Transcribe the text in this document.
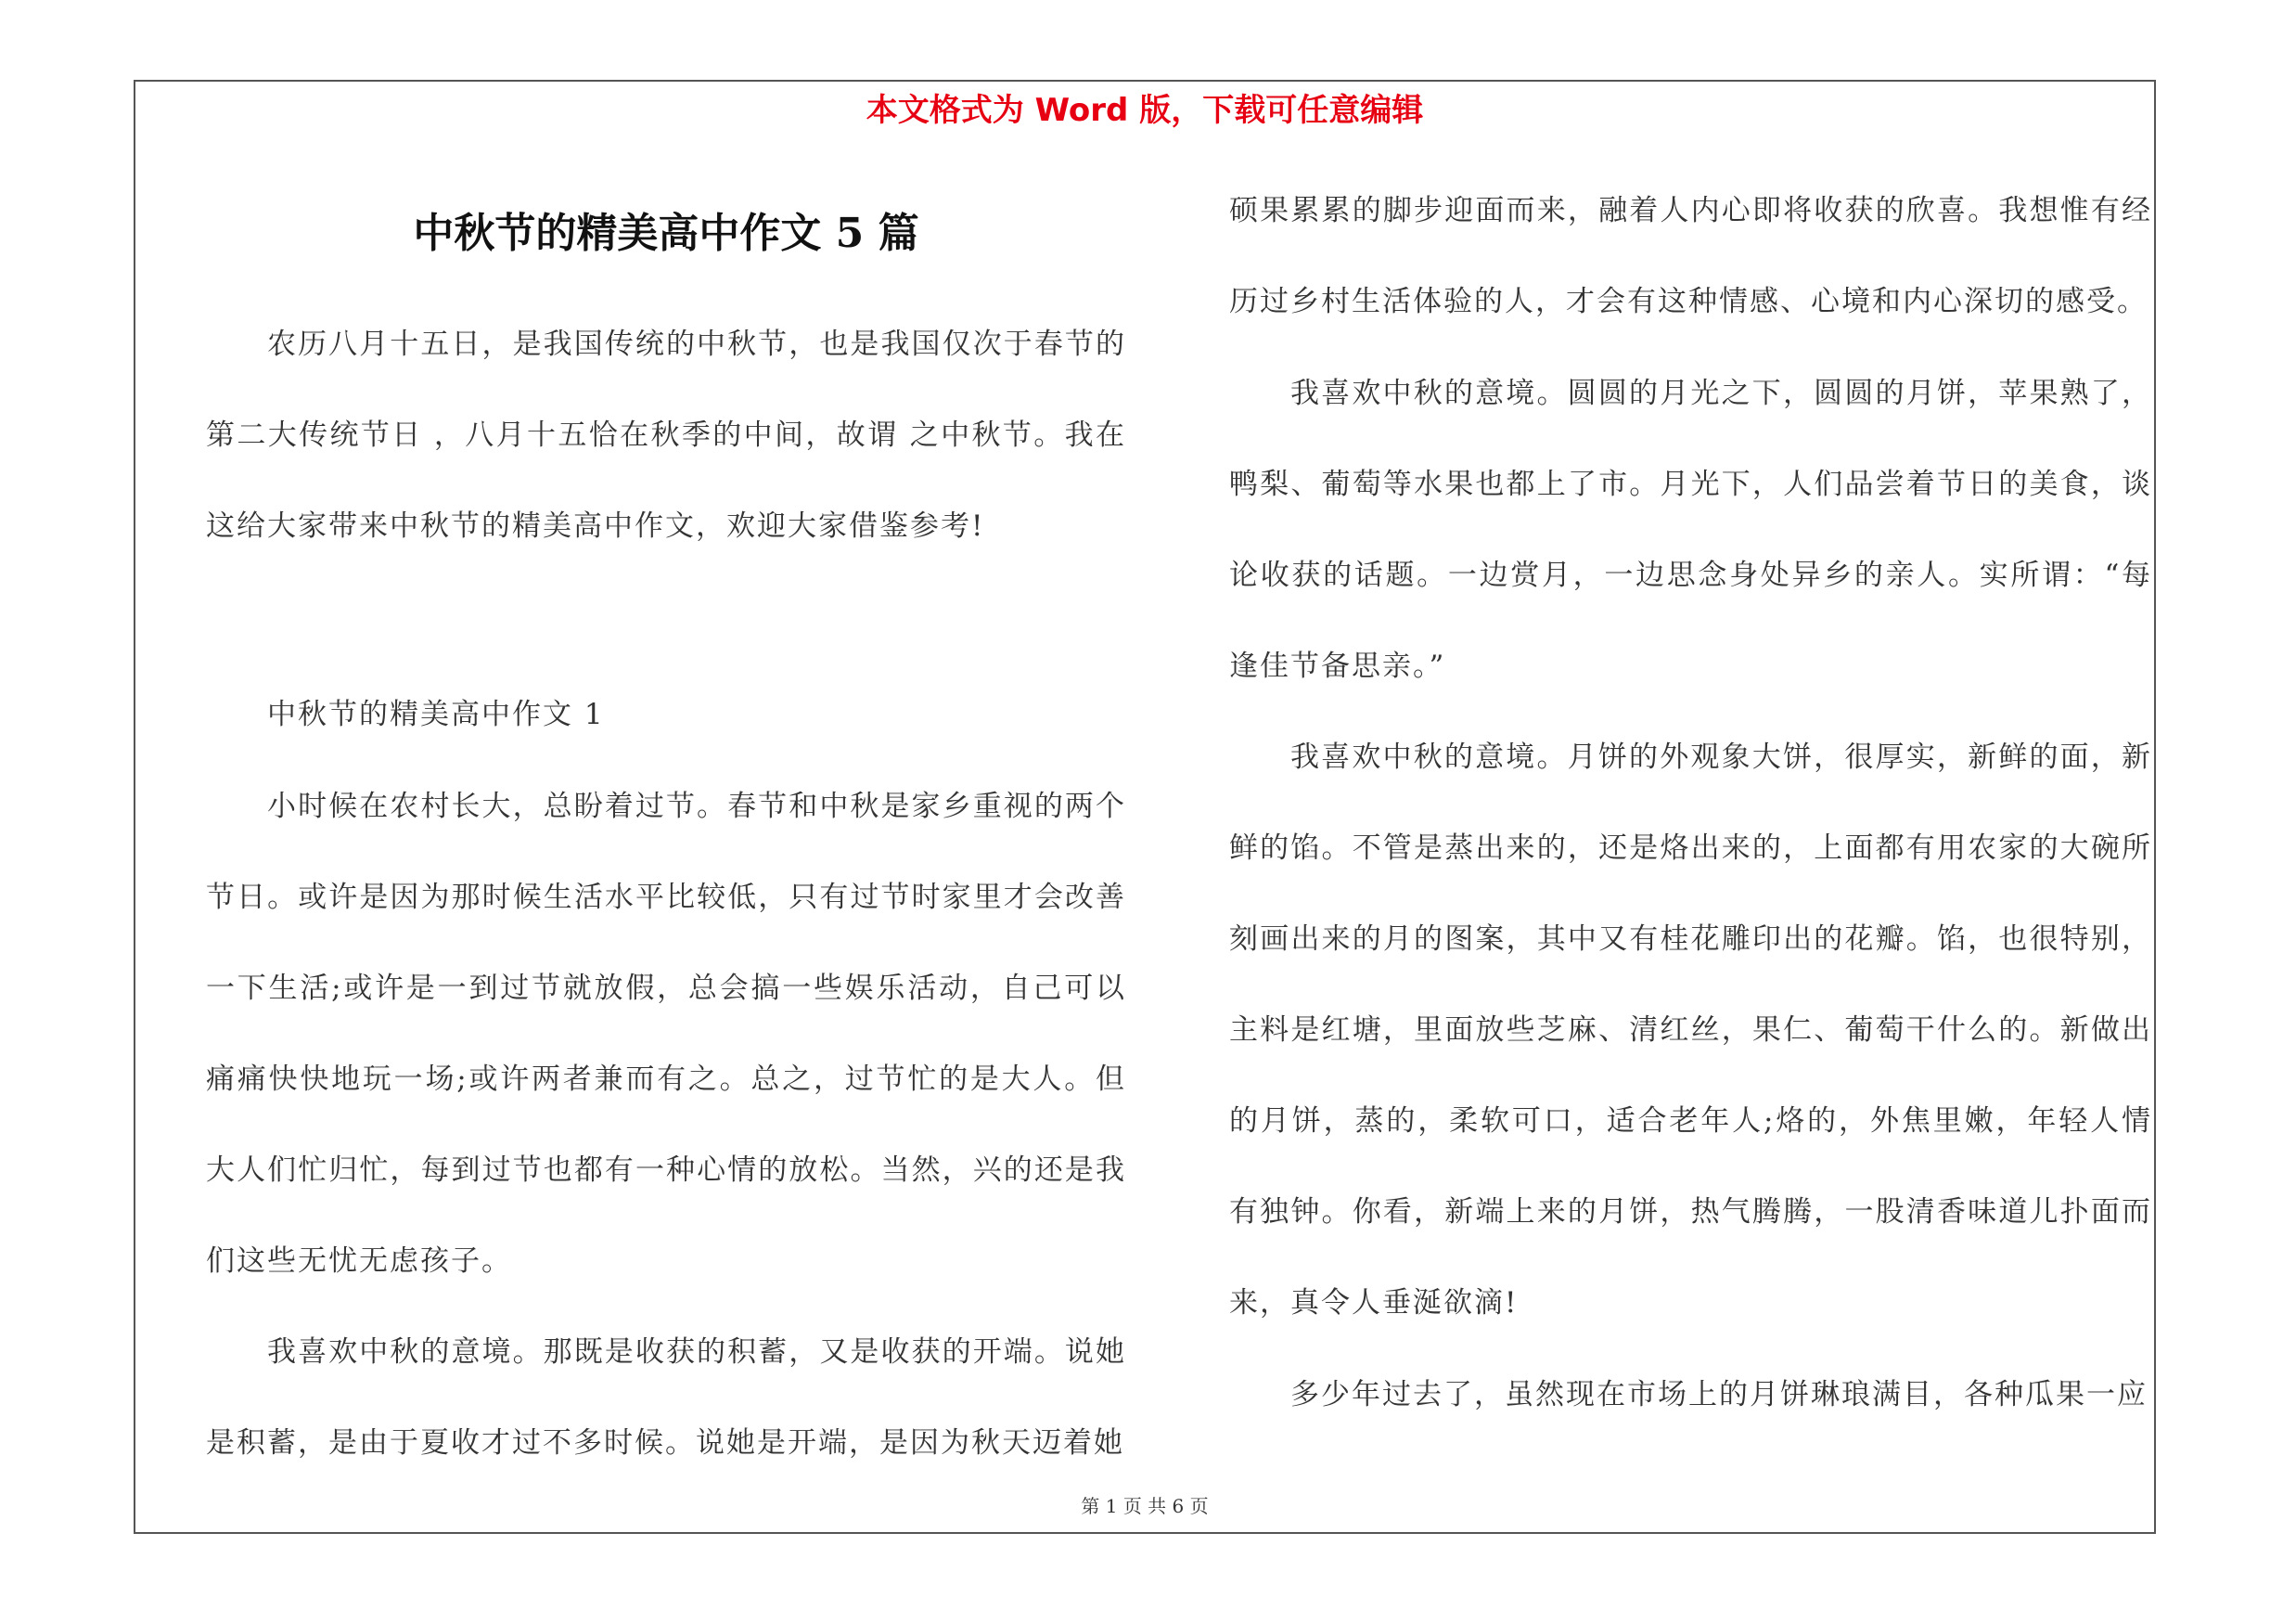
本文格式为 Word 版，下载可任意编辑
中秋节的精美高中作文 5 篇

农历八月十五日，是我国传统的中秋节，也是我国仅次于春节的第二大传统节日 ，八月十五恰在秋季的中间，故谓 之中秋节。我在这给大家带来中秋节的精美高中作文，欢迎大家借鉴参考!

中秋节的精美高中作文 1

小时候在农村长大，总盼着过节。春节和中秋是家乡重视的两个节日。或许是因为那时候生活水平比较低，只有过节时家里才会改善一下生活;或许是一到过节就放假，总会搞一些娱乐活动，自己可以痛痛快快地玩一场;或许两者兼而有之。总之，过节忙的是大人。但大人们忙归忙，每到过节也都有一种心情的放松。当然，兴的还是我们这些无忧无虑孩子。

我喜欢中秋的意境。那既是收获的积蓄，又是收获的开端。说她是积蓄，是由于夏收才过不多时候。说她是开端，是因为秋天迈着她

硕果累累的脚步迎面而来，融着人内心即将收获的欣喜。我想惟有经历过乡村生活体验的人，才会有这种情感、心境和内心深切的感受。

我喜欢中秋的意境。圆圆的月光之下，圆圆的月饼，苹果熟了，鸭梨、葡萄等水果也都上了市。月光下，人们品尝着节日的美食，谈论收获的话题。一边赏月，一边思念身处异乡的亲人。实所谓：“每逢佳节备思亲。”

我喜欢中秋的意境。月饼的外观象大饼，很厚实，新鲜的面，新鲜的馅。不管是蒸出来的，还是烙出来的，上面都有用农家的大碗所刻画出来的月的图案，其中又有桂花雕印出的花瓣。馅，也很特别，主料是红塘，里面放些芝麻、清红丝，果仁、葡萄干什么的。新做出的月饼，蒸的，柔软可口，适合老年人;烙的，外焦里嫩，年轻人情有独钟。你看，新端上来的月饼，热气腾腾，一股清香味道儿扑面而来，真令人垂涎欲滴!

多少年过去了，虽然现在市场上的月饼琳琅满目，各种瓜果一应

第 1 页 共 6 页
